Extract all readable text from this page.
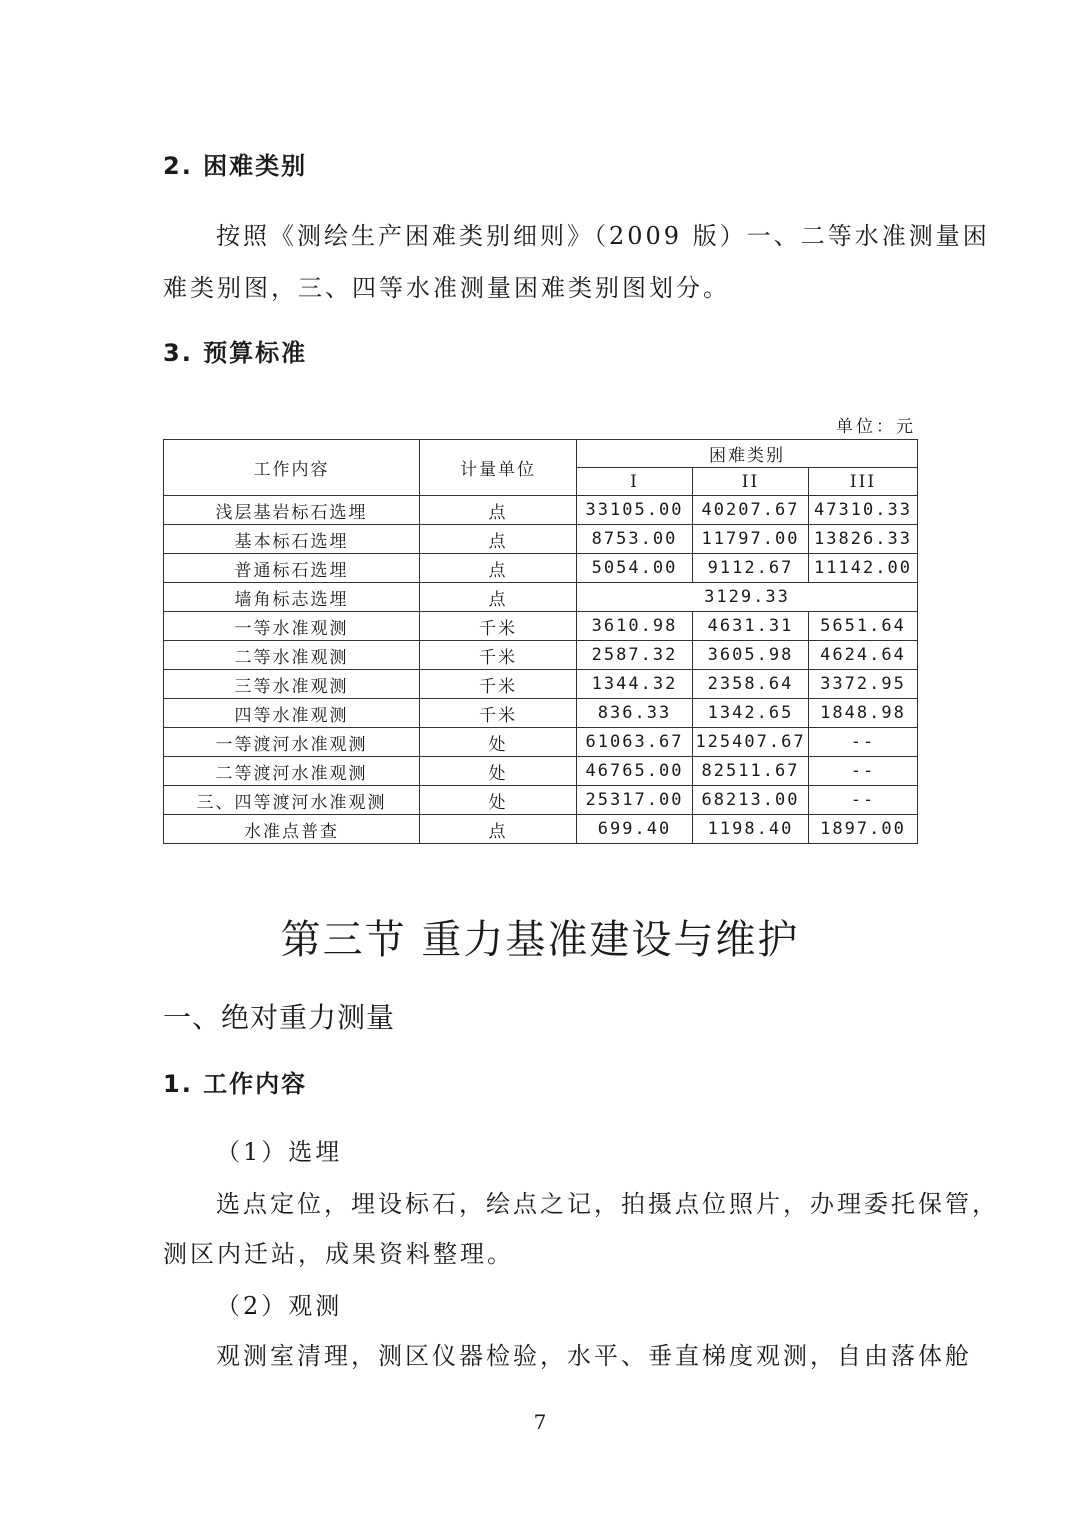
2. 困难类别
按照《测绘生产困难类别细则》（2009 版）一、二等水准测量困
难类别图，三、四等水准测量困难类别图划分。
3. 预算标准
单位：元
工作内容	计量单位	困难类别		
		I	II	III
浅层基岩标石选埋	点	33105.00	40207.67	47310.33
基本标石选埋	点	8753.00	11797.00	13826.33
普通标石选埋	点	5054.00	9112.67	11142.00
墙角标志选埋	点	3129.33		
一等水准观测	千米	3610.98	4631.31	5651.64
二等水准观测	千米	2587.32	3605.98	4624.64
三等水准观测	千米	1344.32	2358.64	3372.95
四等水准观测	千米	836.33	1342.65	1848.98
一等渡河水准观测	处	61063.67	125407.67	--
二等渡河水准观测	处	46765.00	82511.67	--
三、四等渡河水准观测	处	25317.00	68213.00	--
水准点普查	点	699.40	1198.40	1897.00
第三节 重力基准建设与维护
一、绝对重力测量
1. 工作内容
（1）选埋
选点定位，埋设标石，绘点之记，拍摄点位照片，办理委托保管，
测区内迁站，成果资料整理。
（2）观测
观测室清理，测区仪器检验，水平、垂直梯度观测，自由落体舱
7
